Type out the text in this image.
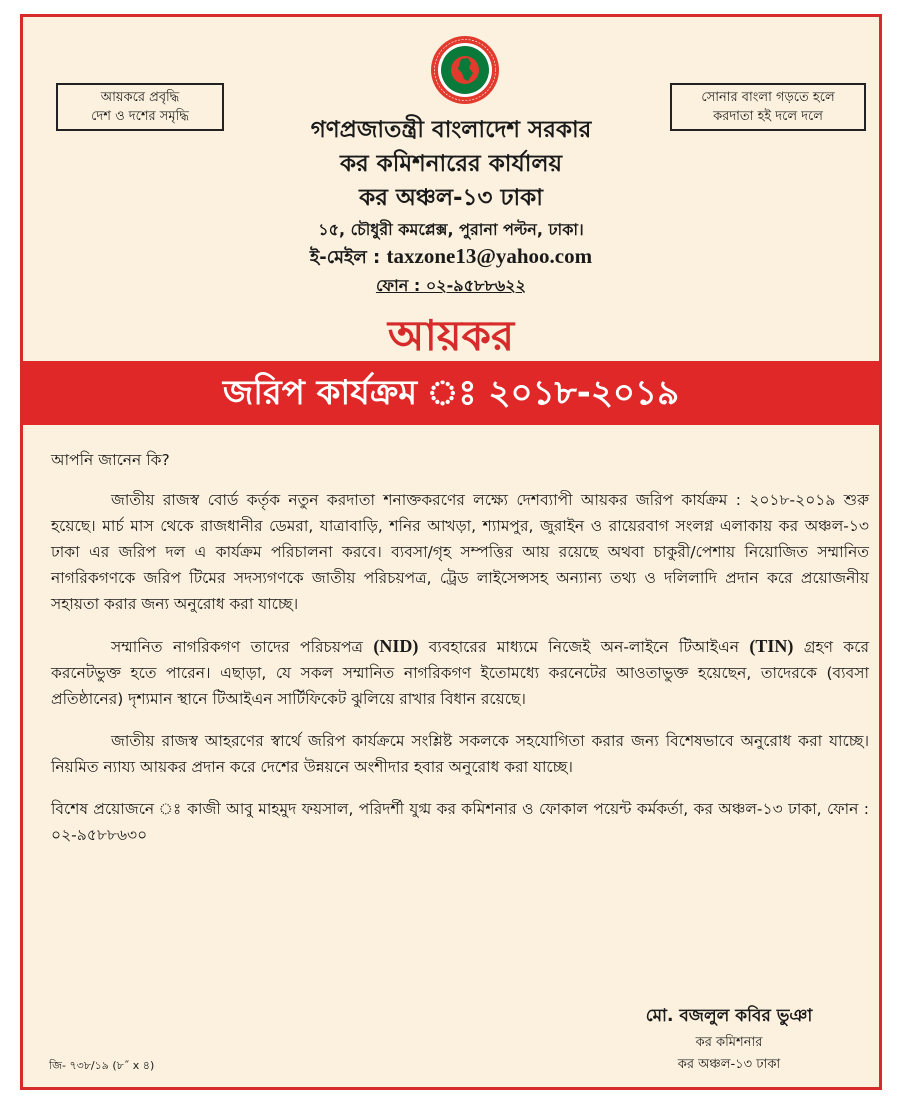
আয়করে প্রবৃদ্ধি
দেশ ও দশের সমৃদ্ধি
সোনার বাংলা গড়তে হলে
করদাতা হই দলে দলে
গণপ্রজাতন্ত্রী বাংলাদেশ সরকার
কর কমিশনারের কার্যালয়
কর অঞ্চল-১৩ ঢাকা
১৫, চৌধুরী কমপ্লেক্স, পুরানা পল্টন, ঢাকা।
ই-মেইল : taxzone13@yahoo.com
ফোন : ০২-৯৫৮৮৬২২
আয়কর
জরিপ কার্যক্রম ঃ ২০১৮-২০১৯

আপনি জানেন কি?

জাতীয় রাজস্ব বোর্ড কর্তৃক নতুন করদাতা শনাক্তকরণের লক্ষ্যে দেশব্যাপী আয়কর জরিপ কার্যক্রম : ২০১৮-২০১৯ শুরু হয়েছে। মার্চ মাস থেকে রাজধানীর ডেমরা, যাত্রাবাড়ি, শনির আখড়া, শ্যামপুর, জুরাইন ও রায়েরবাগ সংলগ্ন এলাকায় কর অঞ্চল-১৩ ঢাকা এর জরিপ দল এ কার্যক্রম পরিচালনা করবে। ব্যবসা/গৃহ সম্পত্তির আয় রয়েছে অথবা চাকুরী/পেশায় নিয়োজিত সম্মানিত নাগরিকগণকে জরিপ টিমের সদস্যগণকে জাতীয় পরিচয়পত্র, ট্রেড লাইসেন্সসহ অন্যান্য তথ্য ও দলিলাদি প্রদান করে প্রয়োজনীয় সহায়তা করার জন্য অনুরোধ করা যাচ্ছে।

সম্মানিত নাগরিকগণ তাদের পরিচয়পত্র (NID) ব্যবহারের মাধ্যমে নিজেই অন-লাইনে টিআইএন (TIN) গ্রহণ করে করনেটভুক্ত হতে পারেন। এছাড়া, যে সকল সম্মানিত নাগরিকগণ ইতোমধ্যে করনেটের আওতাভুক্ত হয়েছেন, তাদেরকে (ব্যবসা প্রতিষ্ঠানের) দৃশ্যমান স্থানে টিআইএন সার্টিফিকেট ঝুলিয়ে রাখার বিধান রয়েছে।

জাতীয় রাজস্ব আহরণের স্বার্থে জরিপ কার্যক্রমে সংশ্লিষ্ট সকলকে সহযোগিতা করার জন্য বিশেষভাবে অনুরোধ করা যাচ্ছে। নিয়মিত ন্যায্য আয়কর প্রদান করে দেশের উন্নয়নে অংশীদার হবার অনুরোধ করা যাচ্ছে।

বিশেষ প্রয়োজনে ঃ কাজী আবু মাহমুদ ফয়সাল, পরিদর্শী যুগ্ম কর কমিশনার ও ফোকাল পয়েন্ট কর্মকর্তা, কর অঞ্চল-১৩ ঢাকা, ফোন : ০২-৯৫৮৮৬৩০

মো. বজলুল কবির ভুঞা
কর কমিশনার
কর অঞ্চল-১৩ ঢাকা
জি- ৭৩৮/১৯ (৮˝ x ৪)
